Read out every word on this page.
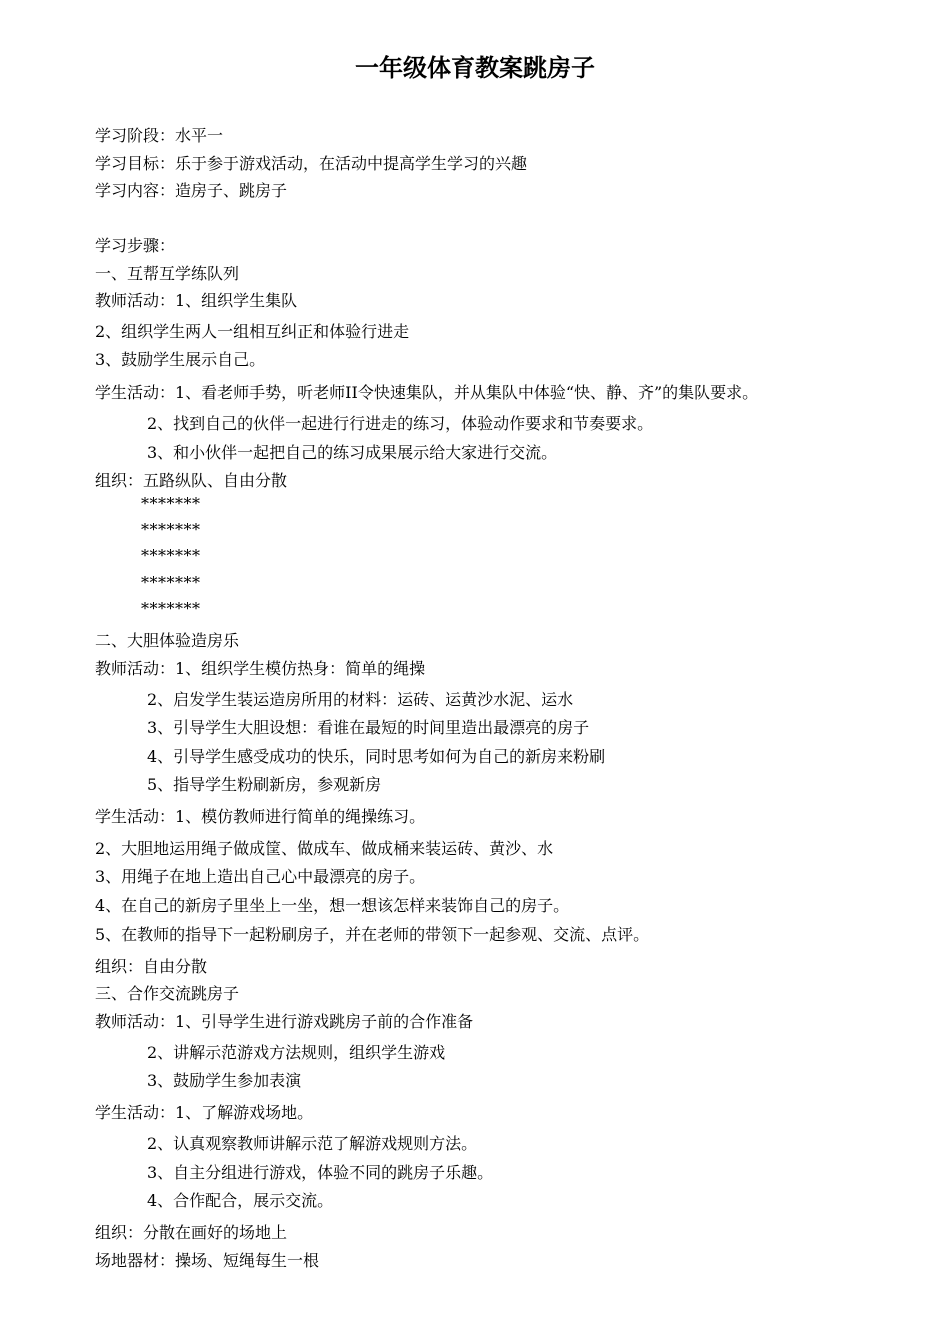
一年级体育教案跳房子
学习阶段：水平一
学习目标：乐于参于游戏活动，在活动中提高学生学习的兴趣
学习内容：造房子、跳房子
学习步骤：
一、互帮互学练队列
教师活动：1、组织学生集队
2、组织学生两人一组相互纠正和体验行进走
3、鼓励学生展示自己。
学生活动：1、看老师手势，听老师II令快速集队，并从集队中体验“快、静、齐”的集队要求。
2、找到自己的伙伴一起进行行进走的练习，体验动作要求和节奏要求。
3、和小伙伴一起把自己的练习成果展示给大家进行交流。
组织：五路纵队、自由分散
*******
*******
*******
*******
*******
二、大胆体验造房乐
教师活动：1、组织学生模仿热身：简单的绳操
2、启发学生装运造房所用的材料：运砖、运黄沙水泥、运水
3、引导学生大胆设想：看谁在最短的时间里造出最漂亮的房子
4、引导学生感受成功的快乐，同时思考如何为自己的新房来粉刷
5、指导学生粉刷新房，参观新房
学生活动：1、模仿教师进行简单的绳操练习。
2、大胆地运用绳子做成筐、做成车、做成桶来装运砖、黄沙、水
3、用绳子在地上造出自己心中最漂亮的房子。
4、在自己的新房子里坐上一坐，想一想该怎样来装饰自己的房子。
5、在教师的指导下一起粉刷房子，并在老师的带领下一起参观、交流、点评。
组织：自由分散
三、合作交流跳房子
教师活动：1、引导学生进行游戏跳房子前的合作准备
2、讲解示范游戏方法规则，组织学生游戏
3、鼓励学生参加表演
学生活动：1、了解游戏场地。
2、认真观察教师讲解示范了解游戏规则方法。
3、自主分组进行游戏，体验不同的跳房子乐趣。
4、合作配合，展示交流。
组织：分散在画好的场地上
场地器材：操场、短绳每生一根
